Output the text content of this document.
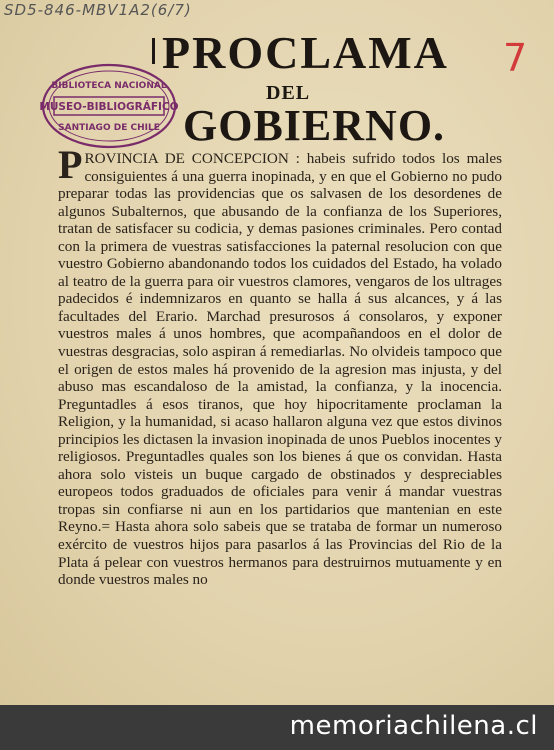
SD5-846-MBV1A2(6/7)
7
BIBLIOTECA NACIONAL
MUSEO-BIBLIOGRÁFICO
SANTIAGO DE CHILE
PROCLAMA
DEL
GOBIERNO.
PROVINCIA DE CONCEPCION : habeis sufrido todos los males consiguientes á una guerra inopinada, y en que el Gobierno no pudo preparar todas las providencias que os salvasen de los desordenes de algunos Subalternos, que abusando de la confianza de los Superiores, tratan de satisfacer su codicia, y demas pasiones criminales. Pero contad con la primera de vuestras satisfacciones la paternal resolucion con que vuestro Gobierno abandonando todos los cuidados del Estado, ha volado al teatro de la guerra para oir vuestros clamores, vengaros de los ultrages padecidos é indemnizaros en quanto se halla á sus alcances, y á las facultades del Erario. Marchad presurosos á consolaros, y exponer vuestros males á unos hombres, que acompañandoos en el dolor de vuestras desgracias, solo aspiran á remediarlas. No olvideis tampoco que el origen de estos males há provenido de la agresion mas injusta, y del abuso mas escandaloso de la amistad, la confianza, y la inocencia. Preguntadles á esos tiranos, que hoy hipocritamente proclaman la Religion, y la humanidad, si acaso hallaron alguna vez que estos divinos principios les dictasen la invasion inopinada de unos Pueblos inocentes y religiosos. Preguntadles quales son los bienes á que os convidan. Hasta ahora solo visteis un buque cargado de obstinados y despreciables europeos todos graduados de oficiales para venir á mandar vuestras tropas sin confiarse ni aun en los partidarios que mantenian en este Reyno.= Hasta ahora solo sabeis que se trataba de formar un numeroso exército de vuestros hijos para pasarlos á las Provincias del Rio de la Plata á pelear con vuestros hermanos para destruirnos mutuamente y en donde vuestros males no
memoriachilena.cl
